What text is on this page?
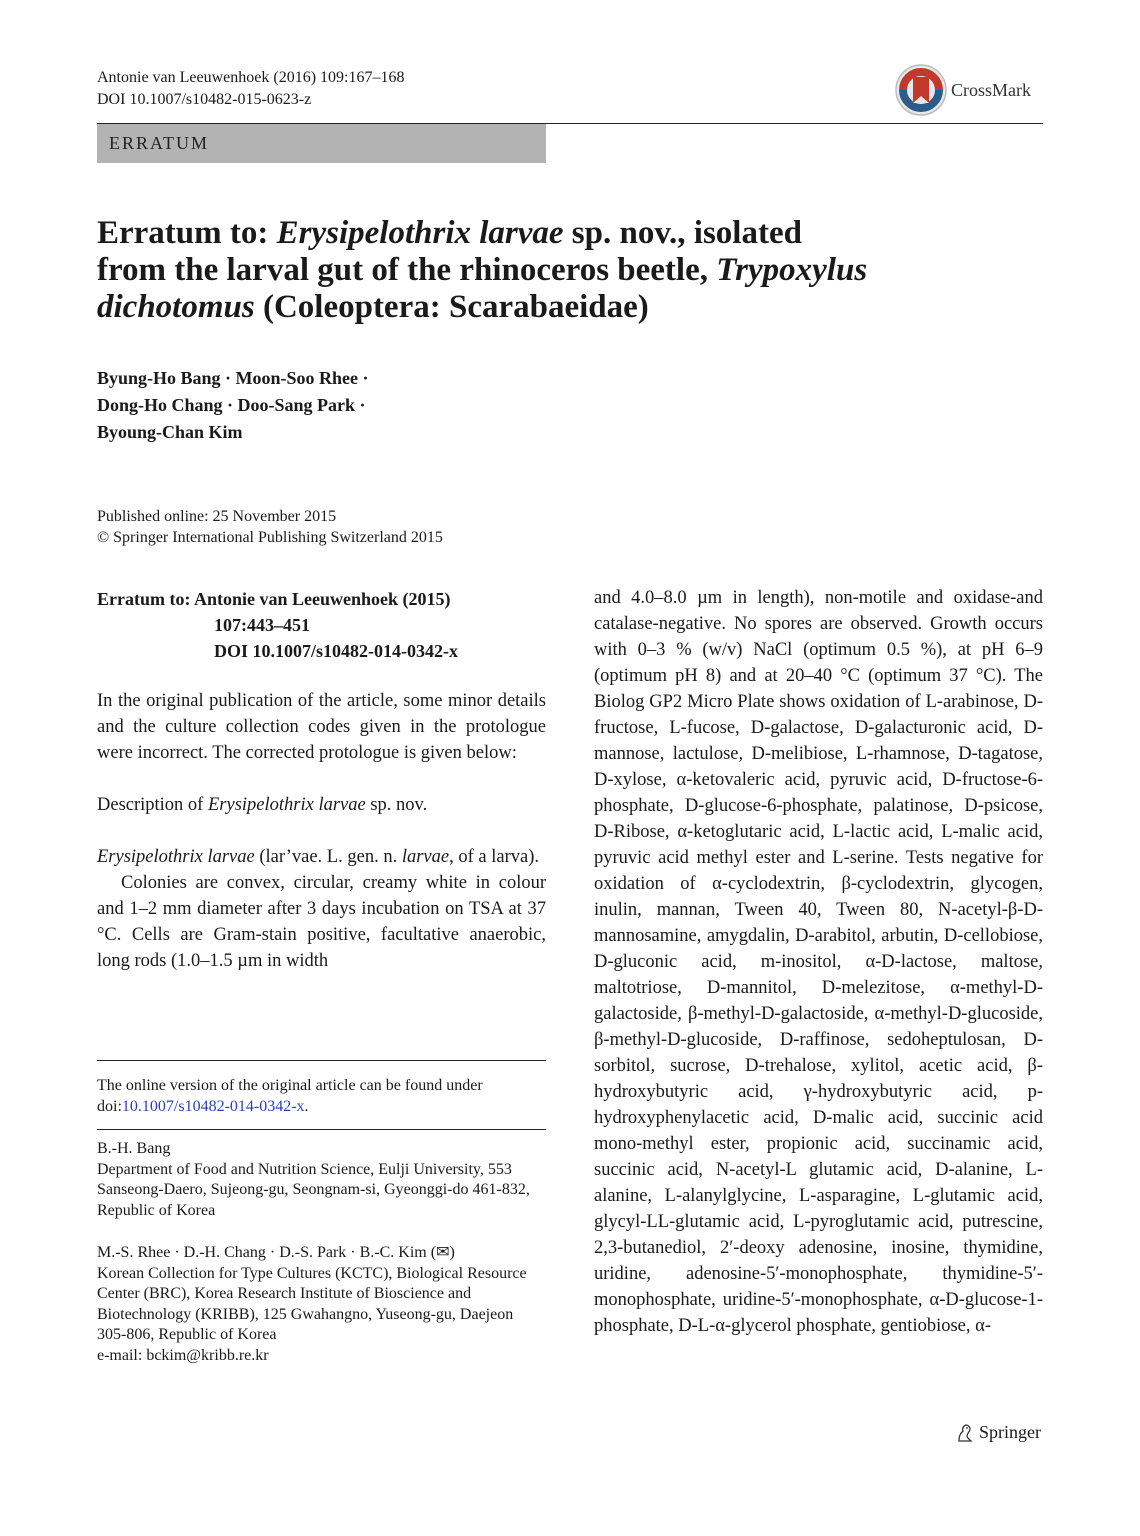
Antonie van Leeuwenhoek (2016) 109:167–168
DOI 10.1007/s10482-015-0623-z	CrossMark
ERRATUM
Erratum to: Erysipelothrix larvae sp. nov., isolated from the larval gut of the rhinoceros beetle, Trypoxylus dichotomus (Coleoptera: Scarabaeidae)
Byung-Ho Bang · Moon-Soo Rhee ·
Dong-Ho Chang · Doo-Sang Park ·
Byoung-Chan Kim
Published online: 25 November 2015
© Springer International Publishing Switzerland 2015
Erratum to: Antonie van Leeuwenhoek (2015)
107:443–451
DOI 10.1007/s10482-014-0342-x

In the original publication of the article, some minor details and the culture collection codes given in the protologue were incorrect. The corrected protologue is given below:

Description of Erysipelothrix larvae sp. nov.

Erysipelothrix larvae (lar’vae. L. gen. n. larvae, of a larva).

Colonies are convex, circular, creamy white in colour and 1–2 mm diameter after 3 days incubation on TSA at 37 °C. Cells are Gram-stain positive, facultative anaerobic, long rods (1.0–1.5 µm in width

The online version of the original article can be found under doi:10.1007/s10482-014-0342-x.
B.-H. Bang
Department of Food and Nutrition Science, Eulji University, 553 Sanseong-Daero, Sujeong-gu, Seongnam-si, Gyeonggi-do 461-832, Republic of Korea
M.-S. Rhee · D.-H. Chang · D.-S. Park · B.-C. Kim (✉)
Korean Collection for Type Cultures (KCTC), Biological Resource Center (BRC), Korea Research Institute of Bioscience and Biotechnology (KRIBB), 125 Gwahangno, Yuseong-gu, Daejeon 305-806, Republic of Korea
e-mail: bckim@kribb.re.kr

and 4.0–8.0 µm in length), non-motile and oxidase-and catalase-negative. No spores are observed. Growth occurs with 0–3 % (w/v) NaCl (optimum 0.5 %), at pH 6–9 (optimum pH 8) and at 20–40 °C (optimum 37 °C). The Biolog GP2 Micro Plate shows oxidation of L-arabinose, D-fructose, L-fucose, D-galactose, D-galacturonic acid, D-mannose, lactulose, D-melibiose, L-rhamnose, D-tagatose, D-xylose, α-ketovaleric acid, pyruvic acid, D-fructose-6-phosphate, D-glucose-6-phosphate, palatinose, D-psicose, D-Ribose, α-ketoglutaric acid, L-lactic acid, L-malic acid, pyruvic acid methyl ester and L-serine. Tests negative for oxidation of α-cyclodextrin, β-cyclodextrin, glycogen, inulin, mannan, Tween 40, Tween 80, N-acetyl-β-D-mannosamine, amygdalin, D-arabitol, arbutin, D-cellobiose, D-gluconic acid, m-inositol, α-D-lactose, maltose, maltotriose, D-mannitol, D-melezitose, α-methyl-D-galactoside, β-methyl-D-galactoside, α-methyl-D-glucoside, β-methyl-D-glucoside, D-raffinose, sedoheptulosan, D-sorbitol, sucrose, D-trehalose, xylitol, acetic acid, β-hydroxybutyric acid, γ-hydroxybutyric acid, p-hydroxyphenylacetic acid, D-malic acid, succinic acid mono-methyl ester, propionic acid, succinamic acid, succinic acid, N-acetyl-L glutamic acid, D-alanine, L-alanine, L-alanylglycine, L-asparagine, L-glutamic acid, glycyl-LL-glutamic acid, L-pyroglutamic acid, putrescine, 2,3-butanediol, 2′-deoxy adenosine, inosine, thymidine, uridine, adenosine-5′-monophosphate, thymidine-5′-monophosphate, uridine-5′-monophosphate, α-D-glucose-1-phosphate, D-L-α-glycerol phosphate, gentiobiose, α-

Springer
